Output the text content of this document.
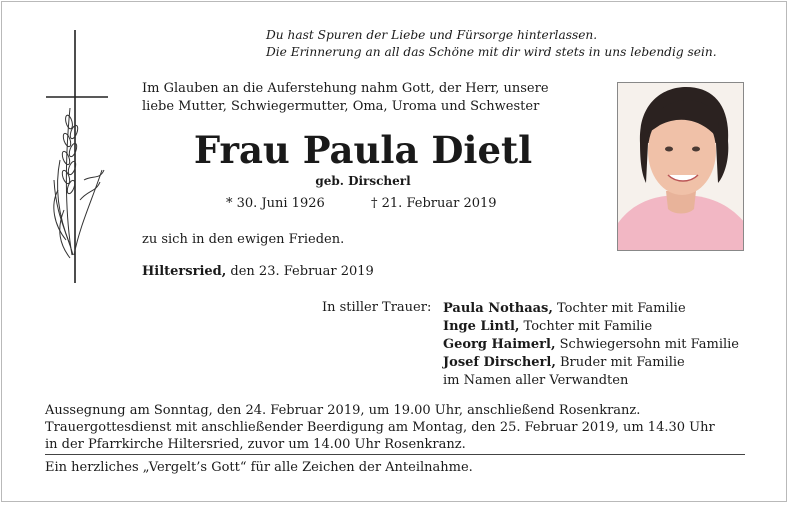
Du hast Spuren der Liebe und Fürsorge hinterlassen.
Die Erinnerung an all das Schöne mit dir wird stets in uns lebendig sein.
Im Glauben an die Auferstehung nahm Gott, der Herr, unsere
liebe Mutter, Schwiegermutter, Oma, Uroma und Schwester
Frau Paula Dietl
geb. Dirscherl
* 30. Juni 1926	† 21. Februar 2019
zu sich in den ewigen Frieden.
Hiltersried, den 23. Februar 2019
In stiller Trauer: Paula Nothaas, Tochter mit Familie
Inge Lintl, Tochter mit Familie
Georg Haimerl, Schwiegersohn mit Familie
Josef Dirscherl, Bruder mit Familie
im Namen aller Verwandten
Aussegnung am Sonntag, den 24. Februar 2019, um 19.00 Uhr, anschließend Rosenkranz.
Trauergottesdienst mit anschließender Beerdigung am Montag, den 25. Februar 2019, um 14.30 Uhr
in der Pfarrkirche Hiltersried, zuvor um 14.00 Uhr Rosenkranz.
Ein herzliches „Vergelt’s Gott“ für alle Zeichen der Anteilnahme.
